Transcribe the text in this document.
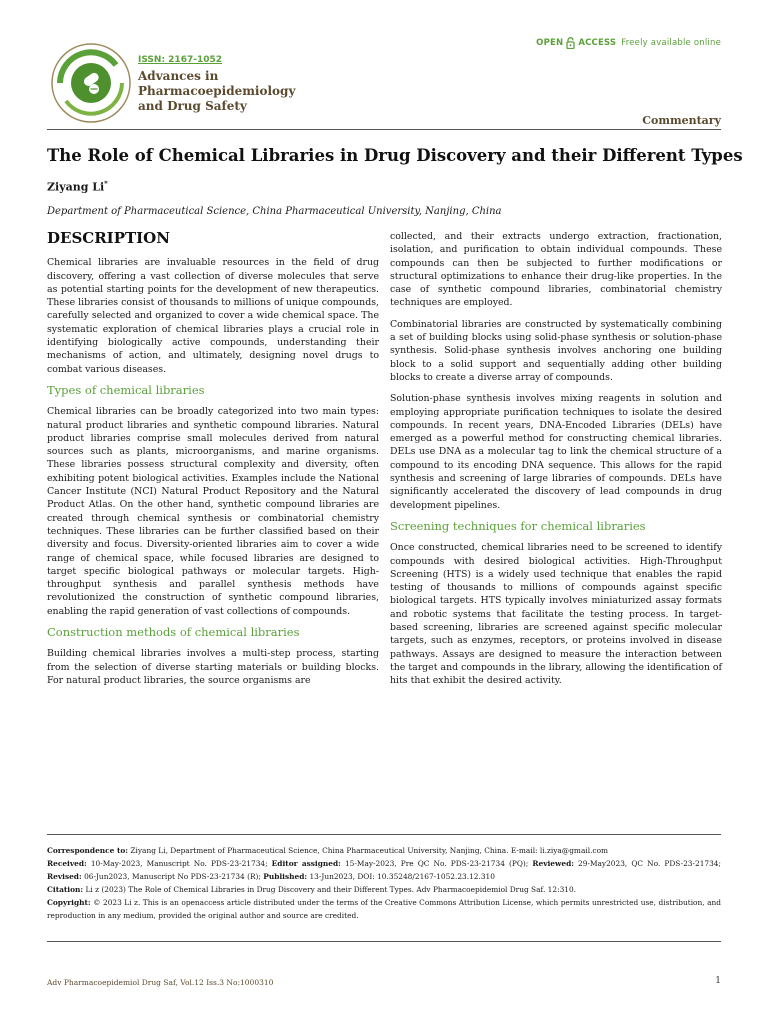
ISSN: 2167-1052
Advances in
Pharmacoepidemiology
and Drug Safety
OPEN ACCESS Freely available online
Commentary
The Role of Chemical Libraries in Drug Discovery and their Different Types
Ziyang Li*
Department of Pharmaceutical Science, China Pharmaceutical University, Nanjing, China
DESCRIPTION

Chemical libraries are invaluable resources in the field of drug discovery, offering a vast collection of diverse molecules that serve as potential starting points for the development of new therapeutics. These libraries consist of thousands to millions of unique compounds, carefully selected and organized to cover a wide chemical space. The systematic exploration of chemical libraries plays a crucial role in identifying biologically active compounds, understanding their mechanisms of action, and ultimately, designing novel drugs to combat various diseases.

Types of chemical libraries

Chemical libraries can be broadly categorized into two main types: natural product libraries and synthetic compound libraries. Natural product libraries comprise small molecules derived from natural sources such as plants, microorganisms, and marine organisms. These libraries possess structural complexity and diversity, often exhibiting potent biological activities. Examples include the National Cancer Institute (NCI) Natural Product Repository and the Natural Product Atlas. On the other hand, synthetic compound libraries are created through chemical synthesis or combinatorial chemistry techniques. These libraries can be further classified based on their diversity and focus. Diversity-oriented libraries aim to cover a wide range of chemical space, while focused libraries are designed to target specific biological pathways or molecular targets. High-throughput synthesis and parallel synthesis methods have revolutionized the construction of synthetic compound libraries, enabling the rapid generation of vast collections of compounds.

Construction methods of chemical libraries

Building chemical libraries involves a multi-step process, starting from the selection of diverse starting materials or building blocks. For natural product libraries, the source organisms are

collected, and their extracts undergo extraction, fractionation, isolation, and purification to obtain individual compounds. These compounds can then be subjected to further modifications or structural optimizations to enhance their drug-like properties. In the case of synthetic compound libraries, combinatorial chemistry techniques are employed.

Combinatorial libraries are constructed by systematically combining a set of building blocks using solid-phase synthesis or solution-phase synthesis. Solid-phase synthesis involves anchoring one building block to a solid support and sequentially adding other building blocks to create a diverse array of compounds.

Solution-phase synthesis involves mixing reagents in solution and employing appropriate purification techniques to isolate the desired compounds. In recent years, DNA-Encoded Libraries (DELs) have emerged as a powerful method for constructing chemical libraries. DELs use DNA as a molecular tag to link the chemical structure of a compound to its encoding DNA sequence. This allows for the rapid synthesis and screening of large libraries of compounds. DELs have significantly accelerated the discovery of lead compounds in drug development pipelines.

Screening techniques for chemical libraries

Once constructed, chemical libraries need to be screened to identify compounds with desired biological activities. High-Throughput Screening (HTS) is a widely used technique that enables the rapid testing of thousands to millions of compounds against specific biological targets. HTS typically involves miniaturized assay formats and robotic systems that facilitate the testing process. In target-based screening, libraries are screened against specific molecular targets, such as enzymes, receptors, or proteins involved in disease pathways. Assays are designed to measure the interaction between the target and compounds in the library, allowing the identification of hits that exhibit the desired activity.

Correspondence to: Ziyang Li, Department of Pharmaceutical Science, China Pharmaceutical University, Nanjing, China. E-mail: li.ziya@gmail.com

Received: 10-May-2023, Manuscript No. PDS-23-21734; Editor assigned: 15-May-2023, Pre QC No. PDS-23-21734 (PQ); Reviewed: 29-May2023, QC No. PDS-23-21734; Revised: 06-Jun2023, Manuscript No PDS-23-21734 (R); Published: 13-Jun2023, DOI: 10.35248/2167-1052.23.12.310

Citation: Li z (2023) The Role of Chemical Libraries in Drug Discovery and their Different Types. Adv Pharmacoepidemiol Drug Saf. 12:310.

Copyright: © 2023 Li z. This is an openaccess article distributed under the terms of the Creative Commons Attribution License, which permits unrestricted use, distribution, and reproduction in any medium, provided the original author and source are credited.

Adv Pharmacoepidemiol Drug Saf, Vol.12 Iss.3 No:1000310	1
